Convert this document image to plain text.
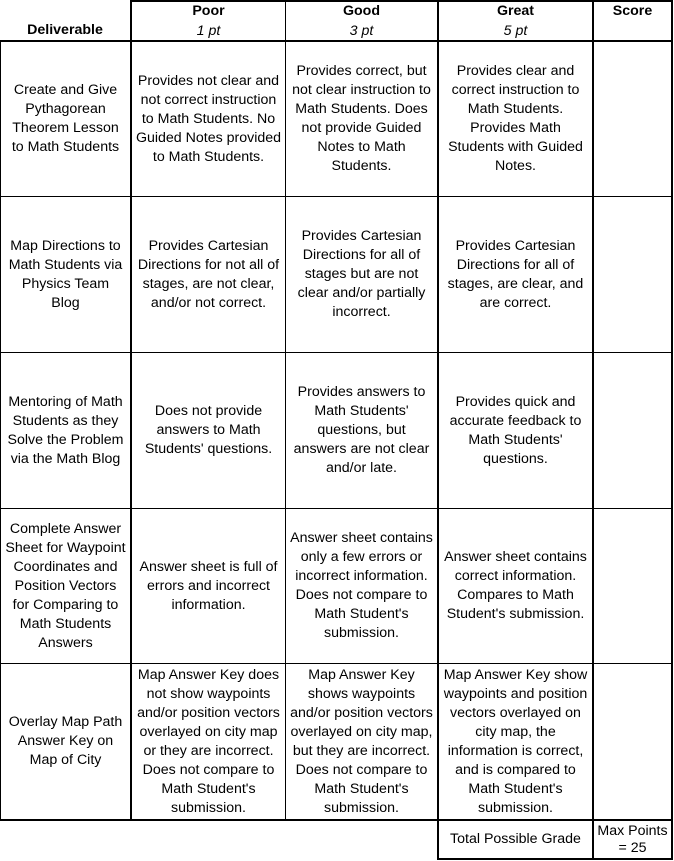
Deliverable
Poor
1 pt
Good
3 pt
Great
5 pt
Score
Create and Give
Pythagorean
Theorem Lesson
to Math Students
Provides not clear and
not correct instruction
to Math Students. No
Guided Notes provided
to Math Students.
Provides correct, but
not clear instruction to
Math Students. Does
not provide Guided
Notes to Math
Students.
Provides clear and
correct instruction to
Math Students.
Provides Math
Students with Guided
Notes.
Map Directions to
Math Students via
Physics Team
Blog
Provides Cartesian
Directions for not all of
stages, are not clear,
and/or not correct.
Provides Cartesian
Directions for all of
stages but are not
clear and/or partially
incorrect.
Provides Cartesian
Directions for all of
stages, are clear, and
are correct.
Mentoring of Math
Students as they
Solve the Problem
via the Math Blog
Does not provide
answers to Math
Students' questions.
Provides answers to
Math Students'
questions, but
answers are not clear
and/or late.
Provides quick and
accurate feedback to
Math Students'
questions.
Complete Answer
Sheet for Waypoint
Coordinates and
Position Vectors
for Comparing to
Math Students
Answers
Answer sheet is full of
errors and incorrect
information.
Answer sheet contains
only a few errors or
incorrect information.
Does not compare to
Math Student's
submission.
Answer sheet contains
correct information.
Compares to Math
Student's submission.
Overlay Map Path
Answer Key on
Map of City
Map Answer Key does
not show waypoints
and/or position vectors
overlayed on city map
or they are incorrect.
Does not compare to
Math Student's
submission.
Map Answer Key
shows waypoints
and/or position vectors
overlayed on city map,
but they are incorrect.
Does not compare to
Math Student's
submission.
Map Answer Key show
waypoints and position
vectors overlayed on
city map, the
information is correct,
and is compared to
Math Student's
submission.
Total Possible Grade
Max Points
= 25
